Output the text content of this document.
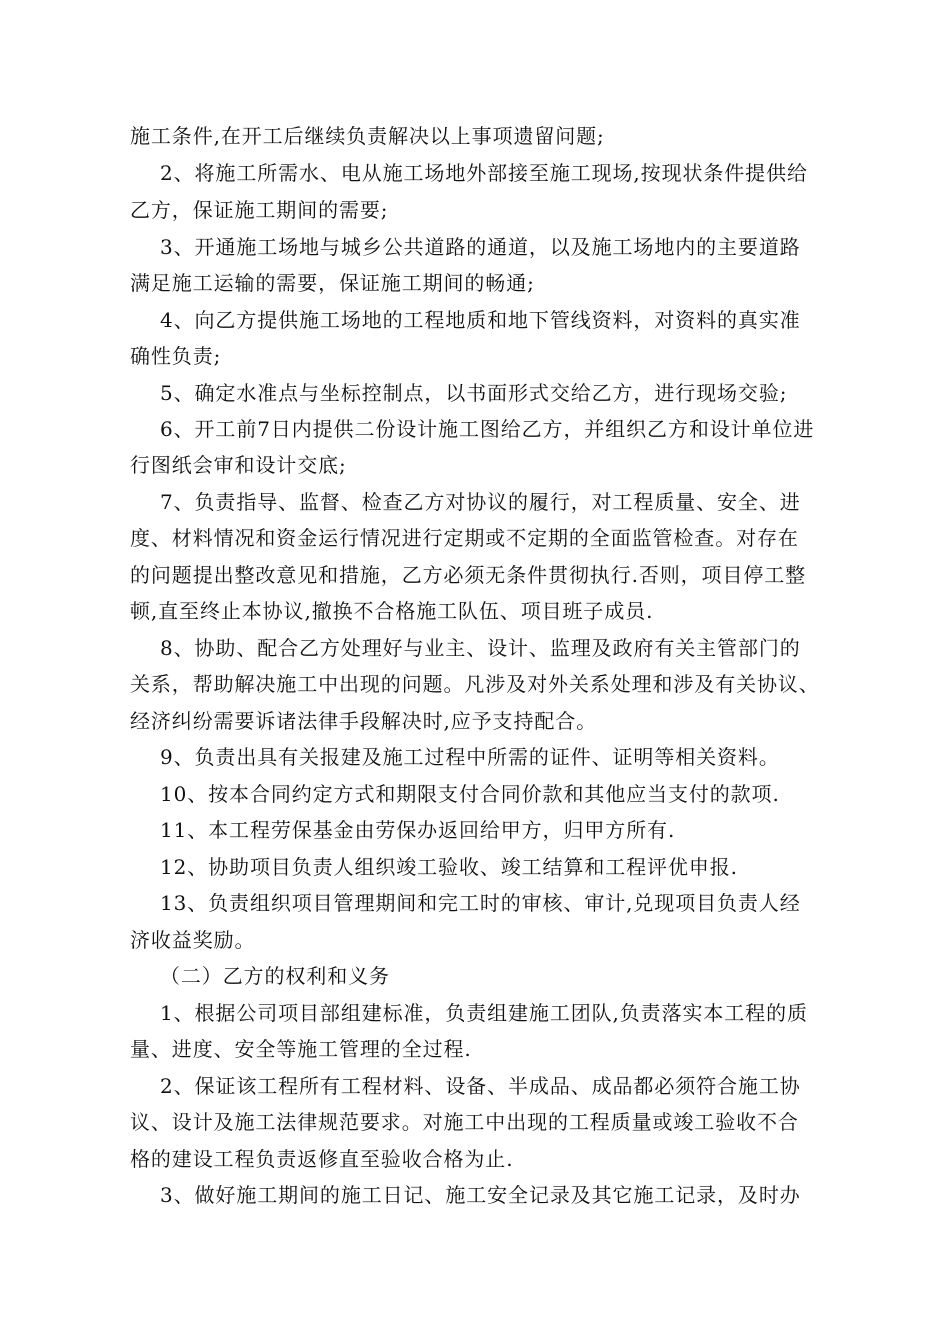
施工条件,在开工后继续负责解决以上事项遗留问题;
2、将施工所需水、电从施工场地外部接至施工现场,按现状条件提供给
乙方，保证施工期间的需要;
3、开通施工场地与城乡公共道路的通道，以及施工场地内的主要道路
满足施工运输的需要，保证施工期间的畅通;
4、向乙方提供施工场地的工程地质和地下管线资料，对资料的真实准
确性负责;
5、确定水准点与坐标控制点，以书面形式交给乙方，进行现场交验;
6、开工前7日内提供二份设计施工图给乙方，并组织乙方和设计单位进
行图纸会审和设计交底;
7、负责指导、监督、检查乙方对协议的履行，对工程质量、安全、进
度、材料情况和资金运行情况进行定期或不定期的全面监管检查。对存在
的问题提出整改意见和措施，乙方必须无条件贯彻执行.否则，项目停工整
顿,直至终止本协议,撤换不合格施工队伍、项目班子成员.
8、协助、配合乙方处理好与业主、设计、监理及政府有关主管部门的
关系，帮助解决施工中出现的问题。凡涉及对外关系处理和涉及有关协议、
经济纠纷需要诉诸法律手段解决时,应予支持配合。
9、负责出具有关报建及施工过程中所需的证件、证明等相关资料。
10、按本合同约定方式和期限支付合同价款和其他应当支付的款项.
11、本工程劳保基金由劳保办返回给甲方，归甲方所有.
12、协助项目负责人组织竣工验收、竣工结算和工程评优申报.
13、负责组织项目管理期间和完工时的审核、审计,兑现项目负责人经
济收益奖励。
（二）乙方的权利和义务
1、根据公司项目部组建标准，负责组建施工团队,负责落实本工程的质
量、进度、安全等施工管理的全过程.
2、保证该工程所有工程材料、设备、半成品、成品都必须符合施工协
议、设计及施工法律规范要求。对施工中出现的工程质量或竣工验收不合
格的建设工程负责返修直至验收合格为止.
3、做好施工期间的施工日记、施工安全记录及其它施工记录，及时办
